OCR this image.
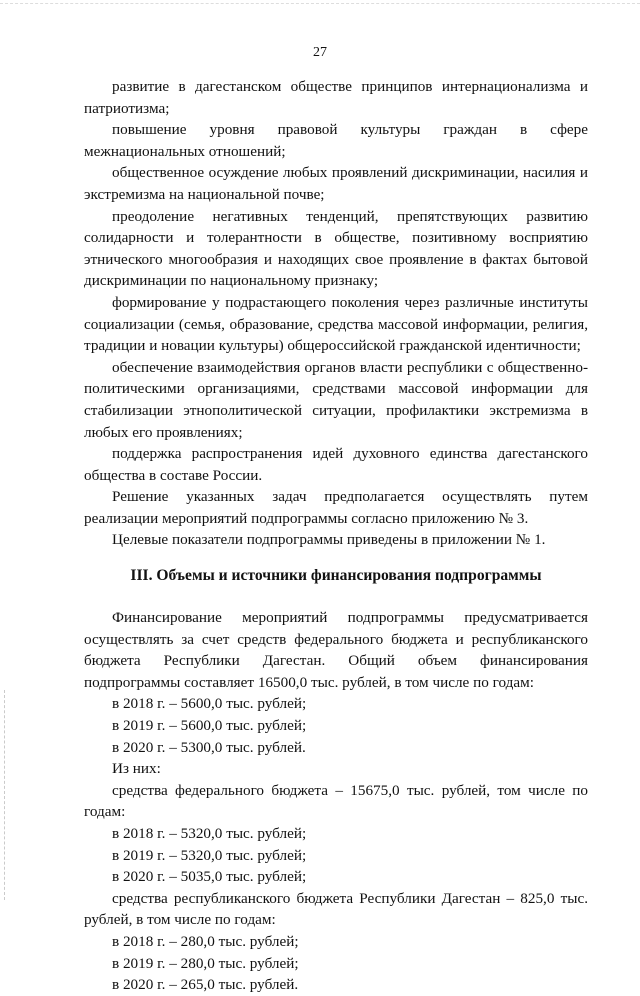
27

развитие в дагестанском обществе принципов интернационализма и патриотизма;

повышение уровня правовой культуры граждан в сфере межнациональных отношений;

общественное осуждение любых проявлений дискриминации, насилия и экстремизма на национальной почве;

преодоление негативных тенденций, препятствующих развитию солидарности и толерантности в обществе, позитивному восприятию этнического многообразия и находящих свое проявление в фактах бытовой дискриминации по национальному признаку;

формирование у подрастающего поколения через различные институты социализации (семья, образование, средства массовой информации, религия, традиции и новации культуры) общероссийской гражданской идентичности;

обеспечение взаимодействия органов власти республики с общественно-политическими организациями, средствами массовой информации для стабилизации этнополитической ситуации, профилактики экстремизма в любых его проявлениях;

поддержка распространения идей духовного единства дагестанского общества в составе России.

Решение указанных задач предполагается осуществлять путем реализации мероприятий подпрограммы согласно приложению № 3.

Целевые показатели подпрограммы приведены в приложении № 1.

III. Объемы и источники финансирования подпрограммы

Финансирование мероприятий подпрограммы предусматривается осуществлять за счет средств федерального бюджета и республиканского бюджета Республики Дагестан. Общий объем финансирования подпрограммы составляет 16500,0 тыс. рублей, в том числе по годам:

в 2018 г. – 5600,0 тыс. рублей;

в 2019 г. – 5600,0 тыс. рублей;

в 2020 г. – 5300,0 тыс. рублей.

Из них:

средства федерального бюджета – 15675,0 тыс. рублей, том числе по годам:

в 2018 г. – 5320,0 тыс. рублей;

в 2019 г. – 5320,0 тыс. рублей;

в 2020 г. – 5035,0 тыс. рублей;

средства республиканского бюджета Республики Дагестан – 825,0 тыс. рублей, в том числе по годам:

в 2018 г. – 280,0 тыс. рублей;

в 2019 г. – 280,0 тыс. рублей;

в 2020 г. – 265,0 тыс. рублей.
